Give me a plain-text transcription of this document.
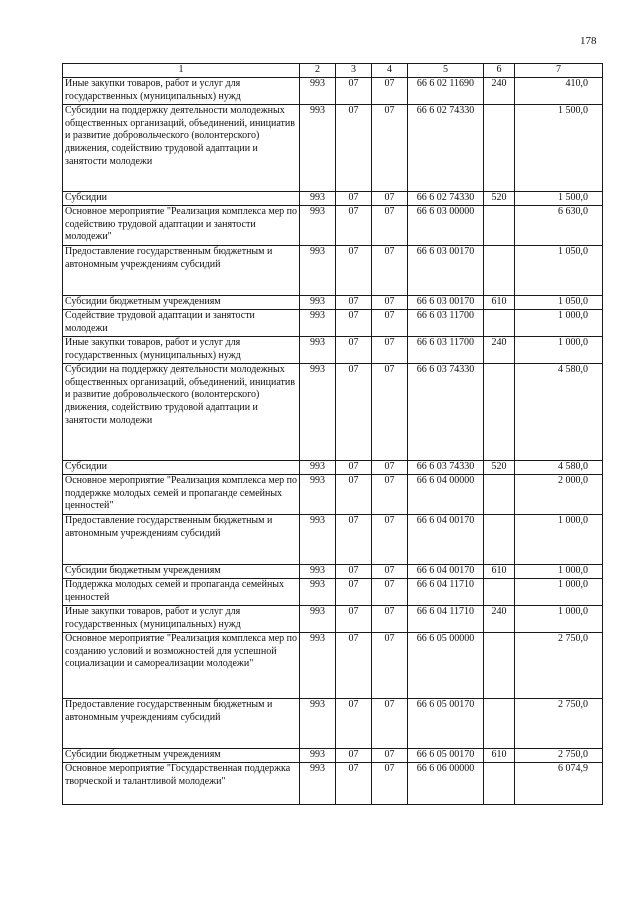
178
1	2	3	4	5	6	7
Иные закупки товаров, работ и услуг для государственных (муниципальных) нужд	993	07	07	66 6 02 11690	240	410,0
Субсидии на поддержку деятельности молодежных общественных организаций, объединений, инициатив и развитие добровольческого (волонтерского) движения, содействию трудовой адаптации и занятости молодежи	993	07	07	66 6 02 74330		1 500,0
Субсидии	993	07	07	66 6 02 74330	520	1 500,0
Основное мероприятие "Реализация комплекса мер по содействию трудовой адаптации и занятости молодежи"	993	07	07	66 6 03 00000		6 630,0
Предоставление государственным бюджетным и автономным учреждениям субсидий	993	07	07	66 6 03 00170		1 050,0
Субсидии бюджетным учреждениям	993	07	07	66 6 03 00170	610	1 050,0
Содействие трудовой адаптации и занятости молодежи	993	07	07	66 6 03 11700		1 000,0
Иные закупки товаров, работ и услуг для государственных (муниципальных) нужд	993	07	07	66 6 03 11700	240	1 000,0
Субсидии на поддержку деятельности молодежных общественных организаций, объединений, инициатив и развитие добровольческого (волонтерского) движения, содействию трудовой адаптации и занятости молодежи	993	07	07	66 6 03 74330		4 580,0
Субсидии	993	07	07	66 6 03 74330	520	4 580,0
Основное мероприятие "Реализация комплекса мер по поддержке молодых семей и пропаганде семейных ценностей"	993	07	07	66 6 04 00000		2 000,0
Предоставление государственным бюджетным и автономным учреждениям субсидий	993	07	07	66 6 04 00170		1 000,0
Субсидии бюджетным учреждениям	993	07	07	66 6 04 00170	610	1 000,0
Поддержка молодых семей и пропаганда семейных ценностей	993	07	07	66 6 04 11710		1 000,0
Иные закупки товаров, работ и услуг для государственных (муниципальных) нужд	993	07	07	66 6 04 11710	240	1 000,0
Основное мероприятие "Реализация комплекса мер по созданию условий и возможностей для успешной социализации и самореализации молодежи"	993	07	07	66 6 05 00000		2 750,0
Предоставление государственным бюджетным и автономным учреждениям субсидий	993	07	07	66 6 05 00170		2 750,0
Субсидии бюджетным учреждениям	993	07	07	66 6 05 00170	610	2 750,0
Основное мероприятие "Государственная поддержка творческой и талантливой молодежи"	993	07	07	66 6 06 00000		6 074,9
